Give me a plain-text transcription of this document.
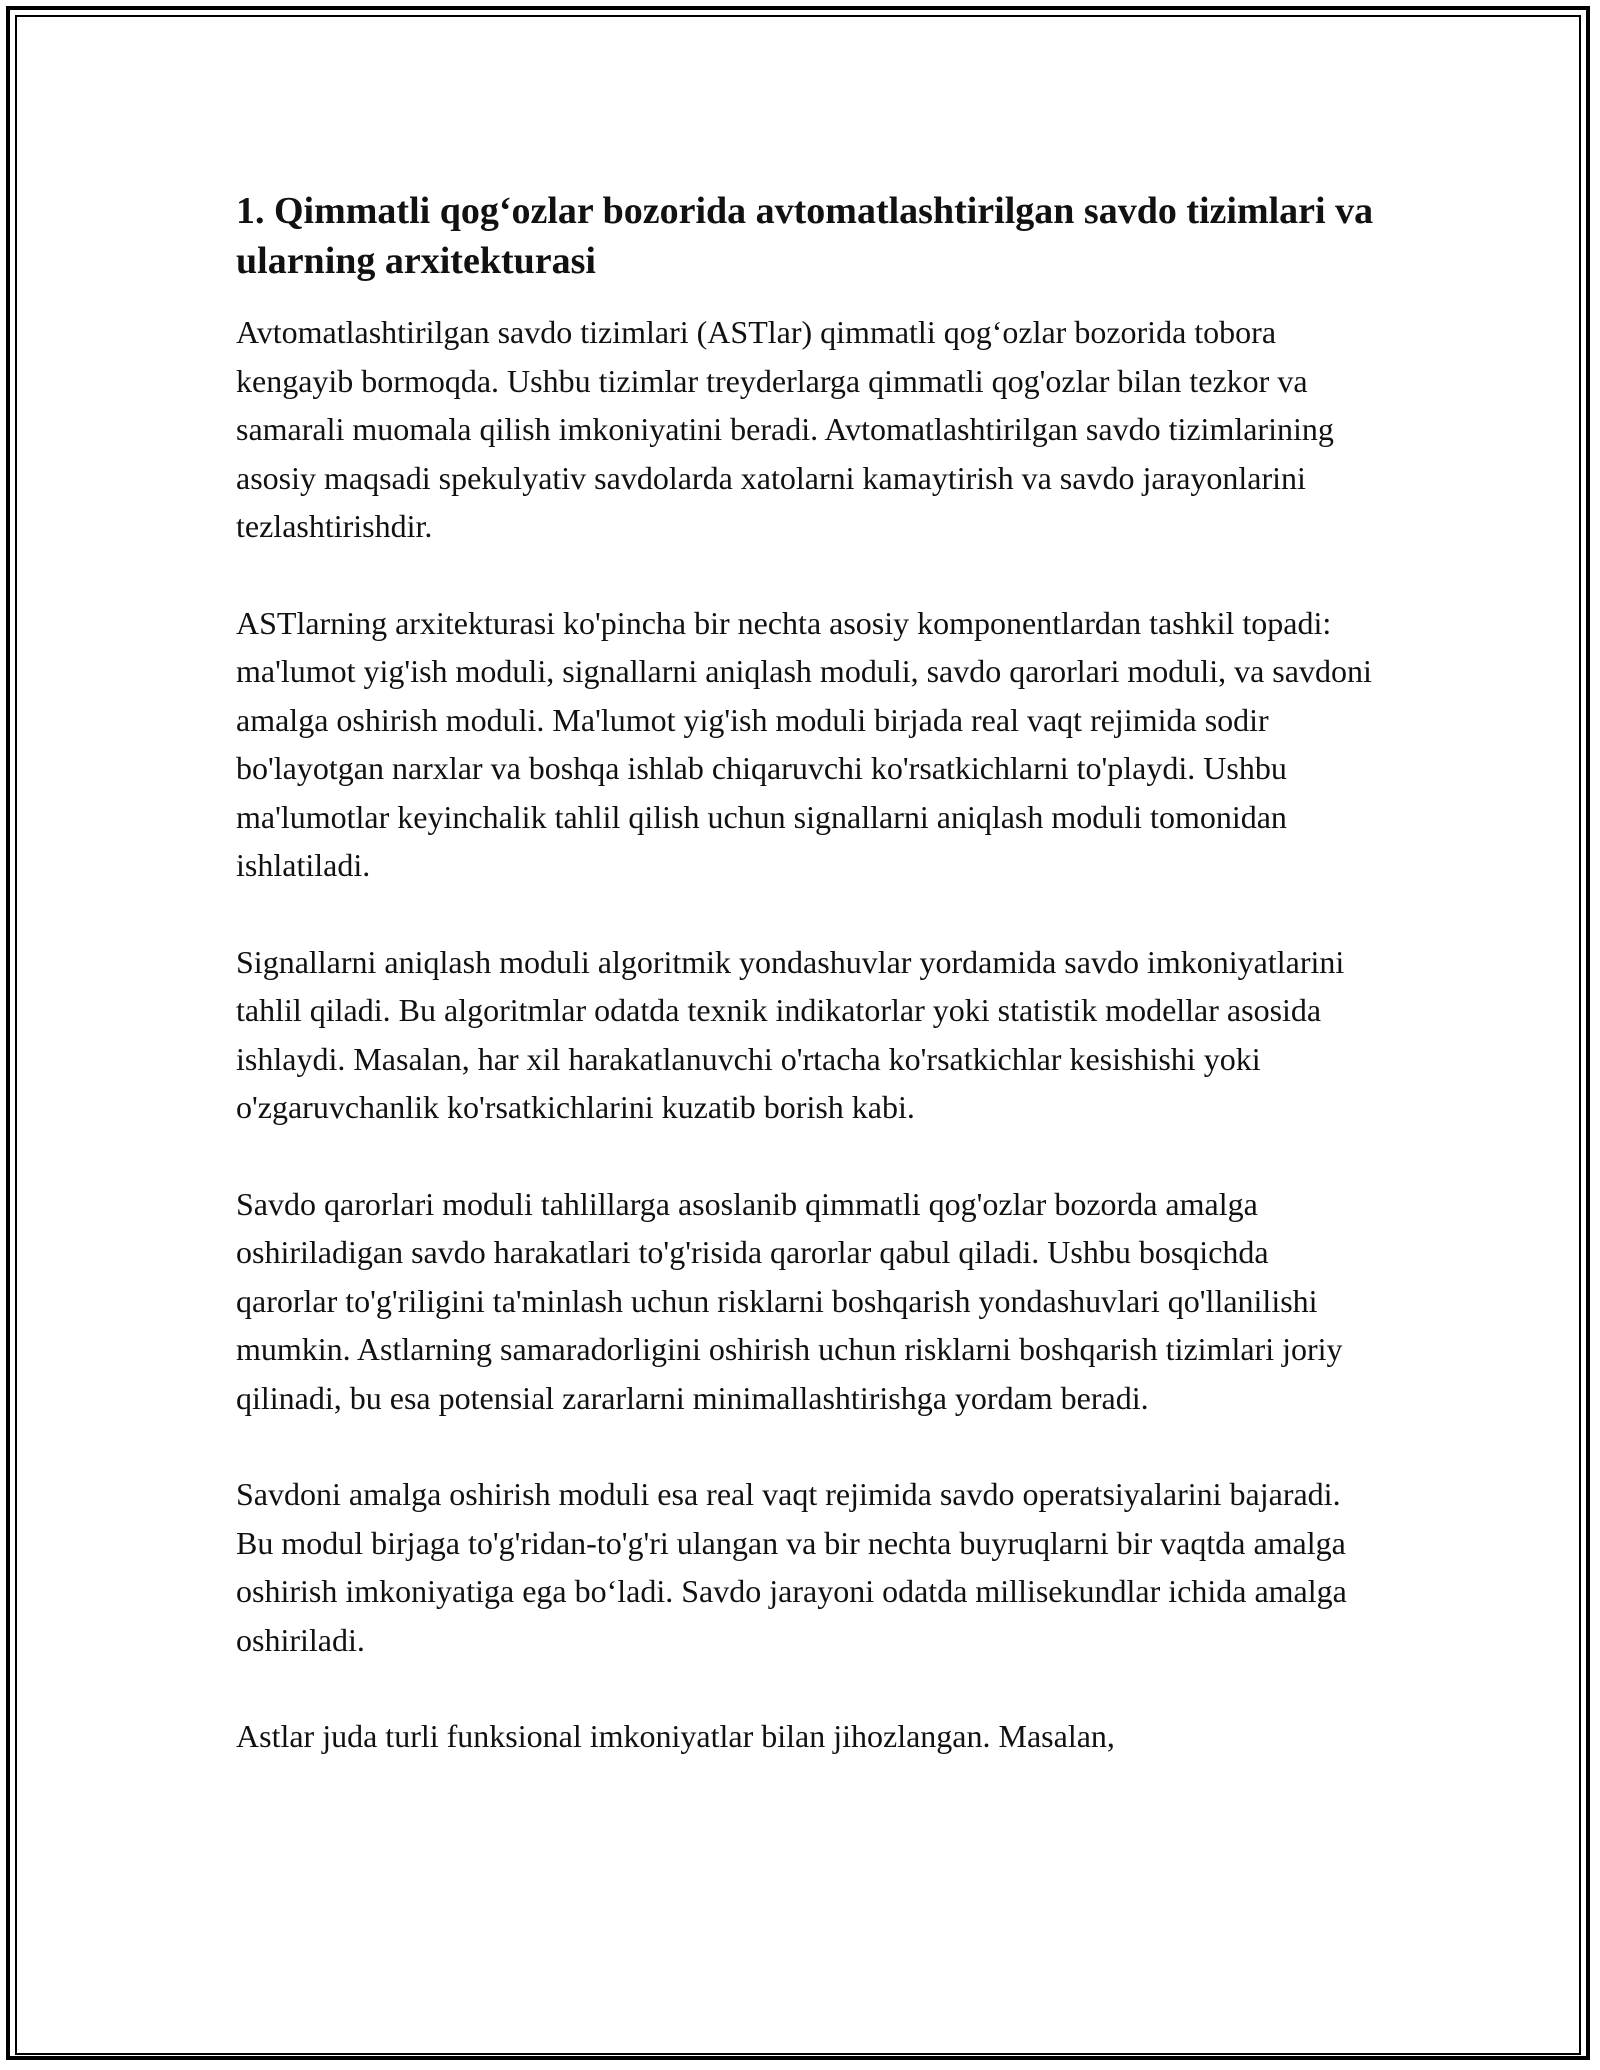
1. Qimmatli qog‘ozlar bozorida avtomatlashtirilgan savdo tizimlari va ularning arxitekturasi

Avtomatlashtirilgan savdo tizimlari (ASTlar) qimmatli qog‘ozlar bozorida tobora kengayib bormoqda. Ushbu tizimlar treyderlarga qimmatli qog'ozlar bilan tezkor va samarali muomala qilish imkoniyatini beradi. Avtomatlashtirilgan savdo tizimlarining asosiy maqsadi spekulyativ savdolarda xatolarni kamaytirish va savdo jarayonlarini tezlashtirishdir.

ASTlarning arxitekturasi ko'pincha bir nechta asosiy komponentlardan tashkil topadi: ma'lumot yig'ish moduli, signallarni aniqlash moduli, savdo qarorlari moduli, va savdoni amalga oshirish moduli. Ma'lumot yig'ish moduli birjada real vaqt rejimida sodir bo'layotgan narxlar va boshqa ishlab chiqaruvchi ko'rsatkichlarni to'playdi. Ushbu ma'lumotlar keyinchalik tahlil qilish uchun signallarni aniqlash moduli tomonidan ishlatiladi.

Signallarni aniqlash moduli algoritmik yondashuvlar yordamida savdo imkoniyatlarini tahlil qiladi. Bu algoritmlar odatda texnik indikatorlar yoki statistik modellar asosida ishlaydi. Masalan, har xil harakatlanuvchi o'rtacha ko'rsatkichlar kesishishi yoki o'zgaruvchanlik ko'rsatkichlarini kuzatib borish kabi.

Savdo qarorlari moduli tahlillarga asoslanib qimmatli qog'ozlar bozorda amalga oshiriladigan savdo harakatlari to'g'risida qarorlar qabul qiladi. Ushbu bosqichda qarorlar to'g'riligini ta'minlash uchun risklarni boshqarish yondashuvlari qo'llanilishi mumkin. Astlarning samaradorligini oshirish uchun risklarni boshqarish tizimlari joriy qilinadi, bu esa potensial zararlarni minimallashtirishga yordam beradi.

Savdoni amalga oshirish moduli esa real vaqt rejimida savdo operatsiyalarini bajaradi. Bu modul birjaga to'g'ridan-to'g'ri ulangan va bir nechta buyruqlarni bir vaqtda amalga oshirish imkoniyatiga ega bo‘ladi. Savdo jarayoni odatda millisekundlar ichida amalga oshiriladi.

Astlar juda turli funksional imkoniyatlar bilan jihozlangan. Masalan,
